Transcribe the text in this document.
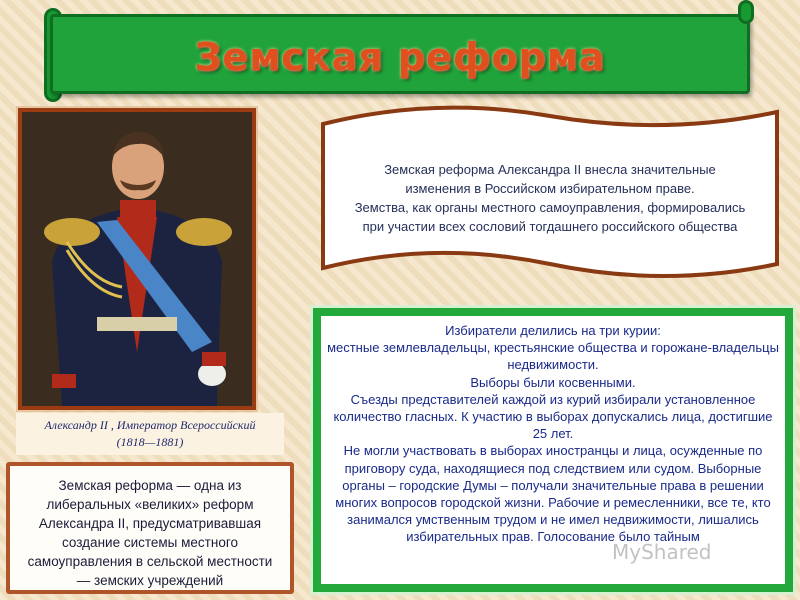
Земская реформа
Александр II , Император Всероссийский
(1818—1881)
Земская реформа — одна из либеральных «великих» реформ Александра II, предусматривавшая создание системы местного самоуправления в сельской местности — земских учреждений
Земская реформа Александра II внесла значительные
изменения в Российском избирательном праве.
Земства, как органы местного самоуправления, формировались
при участии всех сословий тогдашнего российского общества
Избиратели делились на три курии:
местные землевладельцы, крестьянские общества и горожане-владельцы недвижимости.
Выборы были косвенными.
Съезды представителей каждой из курий избирали установленное количество гласных. К участию в выборах допускались лица, достигшие 25 лет.
Не могли участвовать в выборах иностранцы и лица, осужденные по приговору суда, находящиеся под следствием или судом. Выборные органы – городские Думы – получали значительные права в решении многих вопросов городской жизни. Рабочие и ремесленники, все те, кто занимался умственным трудом и не имел недвижимости, лишались избирательных прав. Голосование было тайным
MyShared
